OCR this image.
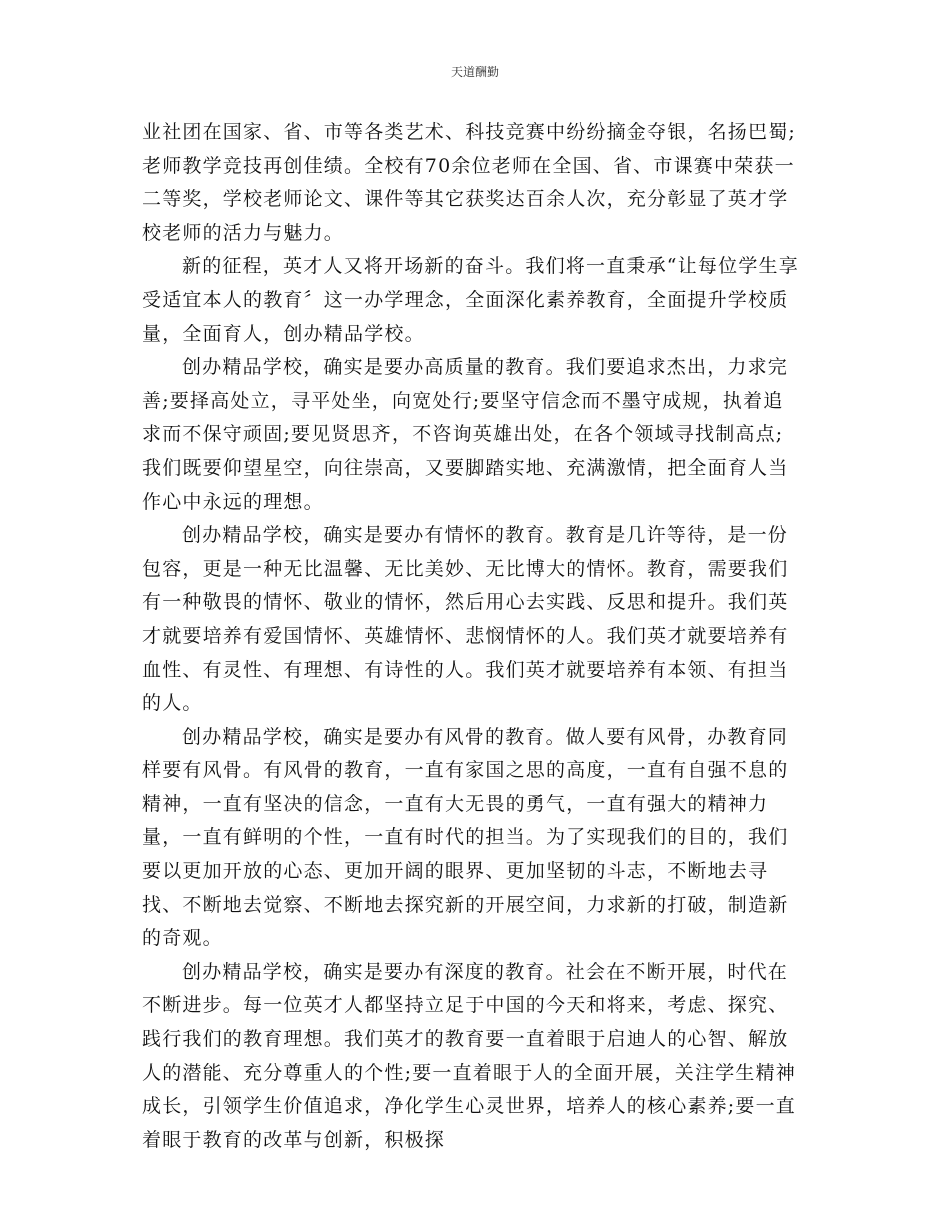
天道酬勤

业社团在国家、省、市等各类艺术、科技竞赛中纷纷摘金夺银，名扬巴蜀;老师教学竞技再创佳绩。全校有70余位老师在全国、省、市课赛中荣获一二等奖，学校老师论文、课件等其它获奖达百余人次，充分彰显了英才学校老师的活力与魅力。

新的征程，英才人又将开场新的奋斗。我们将一直秉承“让每位学生享受适宜本人的教育〞这一办学理念，全面深化素养教育，全面提升学校质量，全面育人，创办精品学校。

创办精品学校，确实是要办高质量的教育。我们要追求杰出，力求完善;要择高处立，寻平处坐，向宽处行;要坚守信念而不墨守成规，执着追求而不保守顽固;要见贤思齐，不咨询英雄出处，在各个领域寻找制高点;我们既要仰望星空，向往崇高，又要脚踏实地、充满激情，把全面育人当作心中永远的理想。

创办精品学校，确实是要办有情怀的教育。教育是几许等待，是一份包容，更是一种无比温馨、无比美妙、无比博大的情怀。教育，需要我们有一种敬畏的情怀、敬业的情怀，然后用心去实践、反思和提升。我们英才就要培养有爱国情怀、英雄情怀、悲悯情怀的人。我们英才就要培养有血性、有灵性、有理想、有诗性的人。我们英才就要培养有本领、有担当的人。

创办精品学校，确实是要办有风骨的教育。做人要有风骨，办教育同样要有风骨。有风骨的教育，一直有家国之思的高度，一直有自强不息的精神，一直有坚决的信念，一直有大无畏的勇气，一直有强大的精神力量，一直有鲜明的个性，一直有时代的担当。为了实现我们的目的，我们要以更加开放的心态、更加开阔的眼界、更加坚韧的斗志，不断地去寻找、不断地去觉察、不断地去探究新的开展空间，力求新的打破，制造新的奇观。

创办精品学校，确实是要办有深度的教育。社会在不断开展，时代在不断进步。每一位英才人都坚持立足于中国的今天和将来，考虑、探究、践行我们的教育理想。我们英才的教育要一直着眼于启迪人的心智、解放人的潜能、充分尊重人的个性;要一直着眼于人的全面开展，关注学生精神成长，引领学生价值追求，净化学生心灵世界，培养人的核心素养;要一直着眼于教育的改革与创新，积极探
